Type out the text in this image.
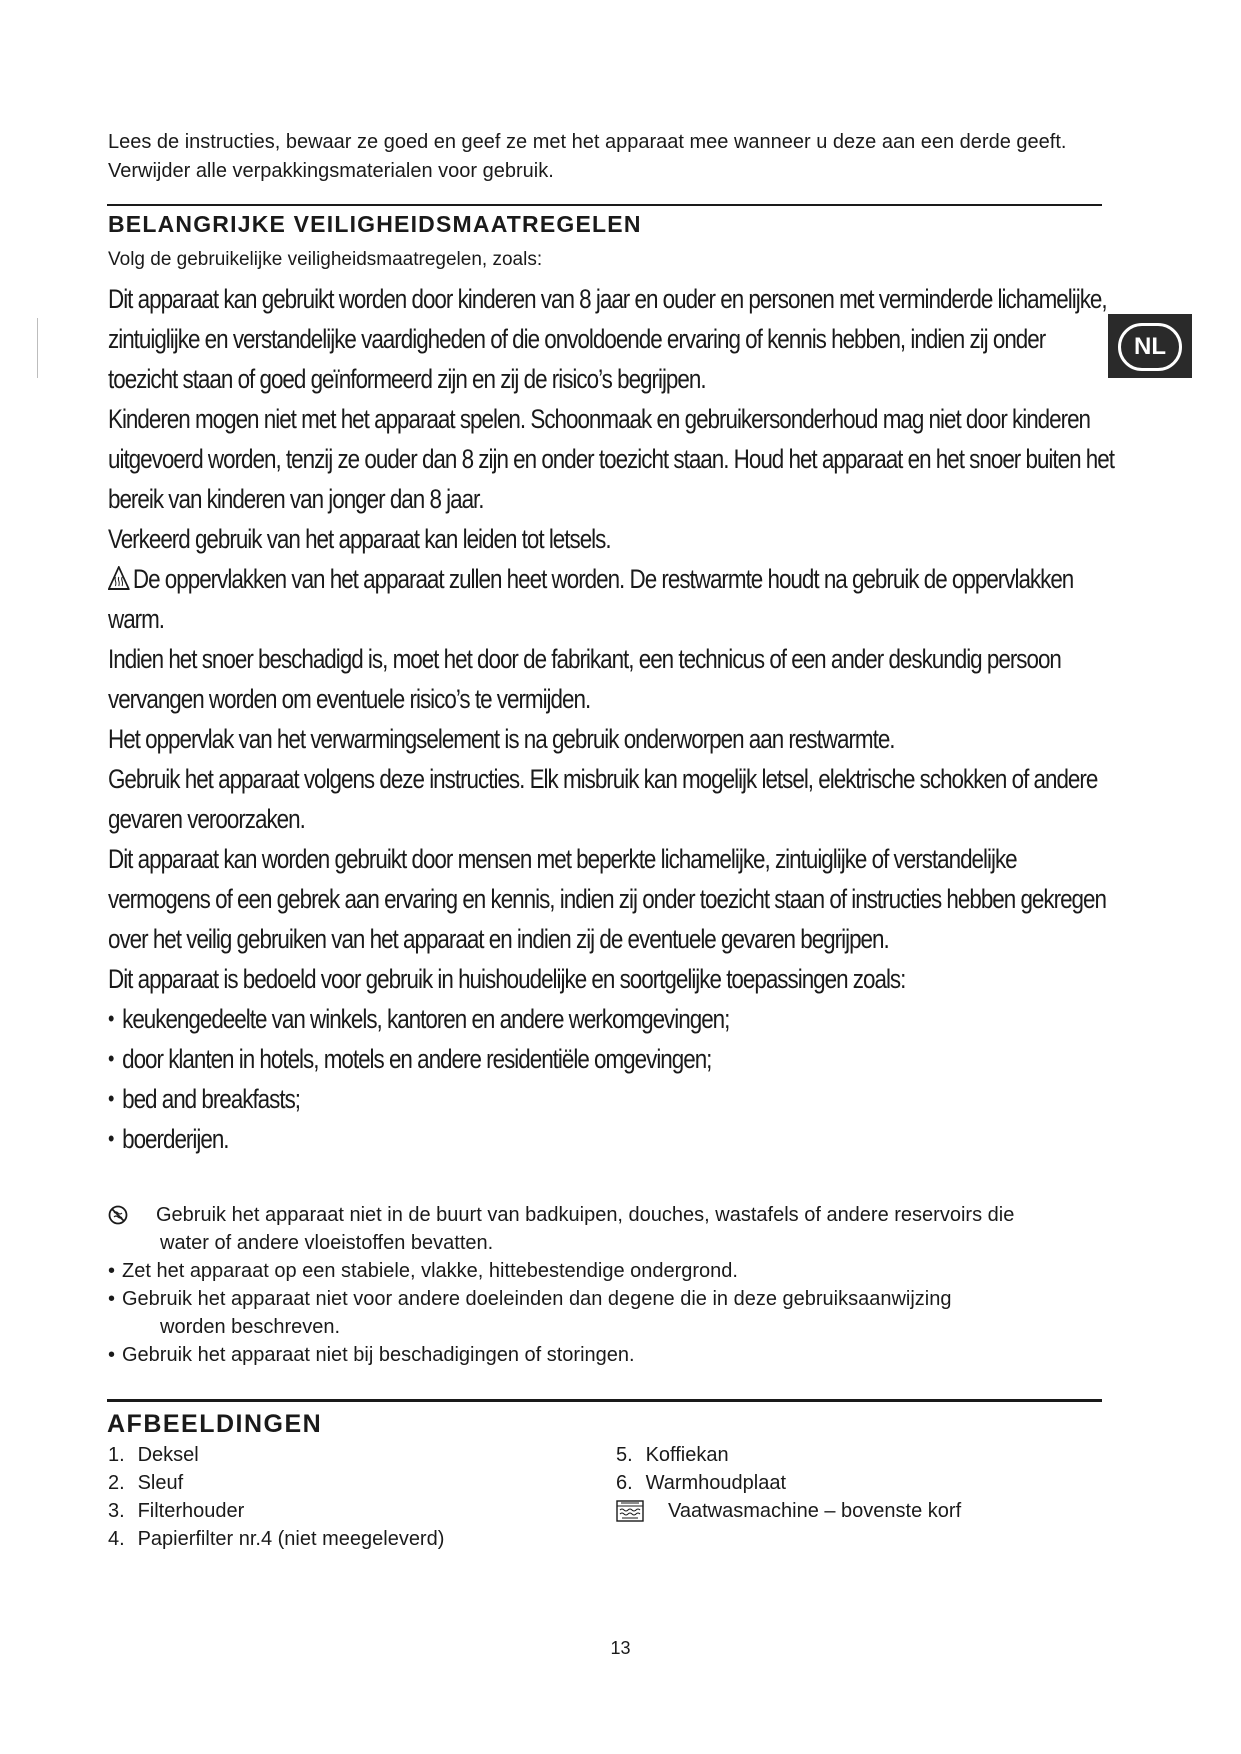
Lees de instructies, bewaar ze goed en geef ze met het apparaat mee wanneer u deze aan een derde geeft. Verwijder alle verpakkingsmaterialen voor gebruik.
BELANGRIJKE VEILIGHEIDSMAATREGELEN
Volg de gebruikelijke veiligheidsmaatregelen, zoals:
NL

Dit apparaat kan gebruikt worden door kinderen van 8 jaar en ouder en personen met verminderde lichamelijke, zintuiglijke en verstandelijke vaardigheden of die onvoldoende ervaring of kennis hebben, indien zij onder toezicht staan of goed geïnformeerd zijn en zij de risico’s begrijpen.

Kinderen mogen niet met het apparaat spelen. Schoonmaak en gebruikersonderhoud mag niet door kinderen uitgevoerd worden, tenzij ze ouder dan 8 zijn en onder toezicht staan. Houd het apparaat en het snoer buiten het bereik van kinderen van jonger dan 8 jaar.

Verkeerd gebruik van het apparaat kan leiden tot letsels.

De oppervlakken van het apparaat zullen heet worden. De restwarmte houdt na gebruik de oppervlakken warm.

Indien het snoer beschadigd is, moet het door de fabrikant, een technicus of een ander deskundig persoon vervangen worden om eventuele risico’s te vermijden.

Het oppervlak van het verwarmingselement is na gebruik onderworpen aan restwarmte.

Gebruik het apparaat volgens deze instructies. Elk misbruik kan mogelijk letsel, elektrische schokken of andere gevaren veroorzaken.

Dit apparaat kan worden gebruikt door mensen met beperkte lichamelijke, zintuiglijke of verstandelijke vermogens of een gebrek aan ervaring en kennis, indien zij onder toezicht staan of instructies hebben gekregen over het veilig gebruiken van het apparaat en indien zij de eventuele gevaren begrijpen.

Dit apparaat is bedoeld voor gebruik in huishoudelijke en soortgelijke toepassingen zoals:

• keukengedeelte van winkels, kantoren en andere werkomgevingen;

• door klanten in hotels, motels en andere residentiële omgevingen;

• bed and breakfasts;

• boerderijen.

Gebruik het apparaat niet in de buurt van badkuipen, douches, wastafels of andere reservoirs die
water of andere vloeistoffen bevatten.
• Zet het apparaat op een stabiele, vlakke, hittebestendige ondergrond.
• Gebruik het apparaat niet voor andere doeleinden dan degene die in deze gebruiksaanwijzing
worden beschreven.
• Gebruik het apparaat niet bij beschadigingen of storingen.
AFBEELDINGEN
1. Deksel
2. Sleuf
3. Filterhouder
4. Papierfilter nr.4 (niet meegeleverd)
5. Koffiekan
6. Warmhoudplaat
Vaatwasmachine – bovenste korf
13
